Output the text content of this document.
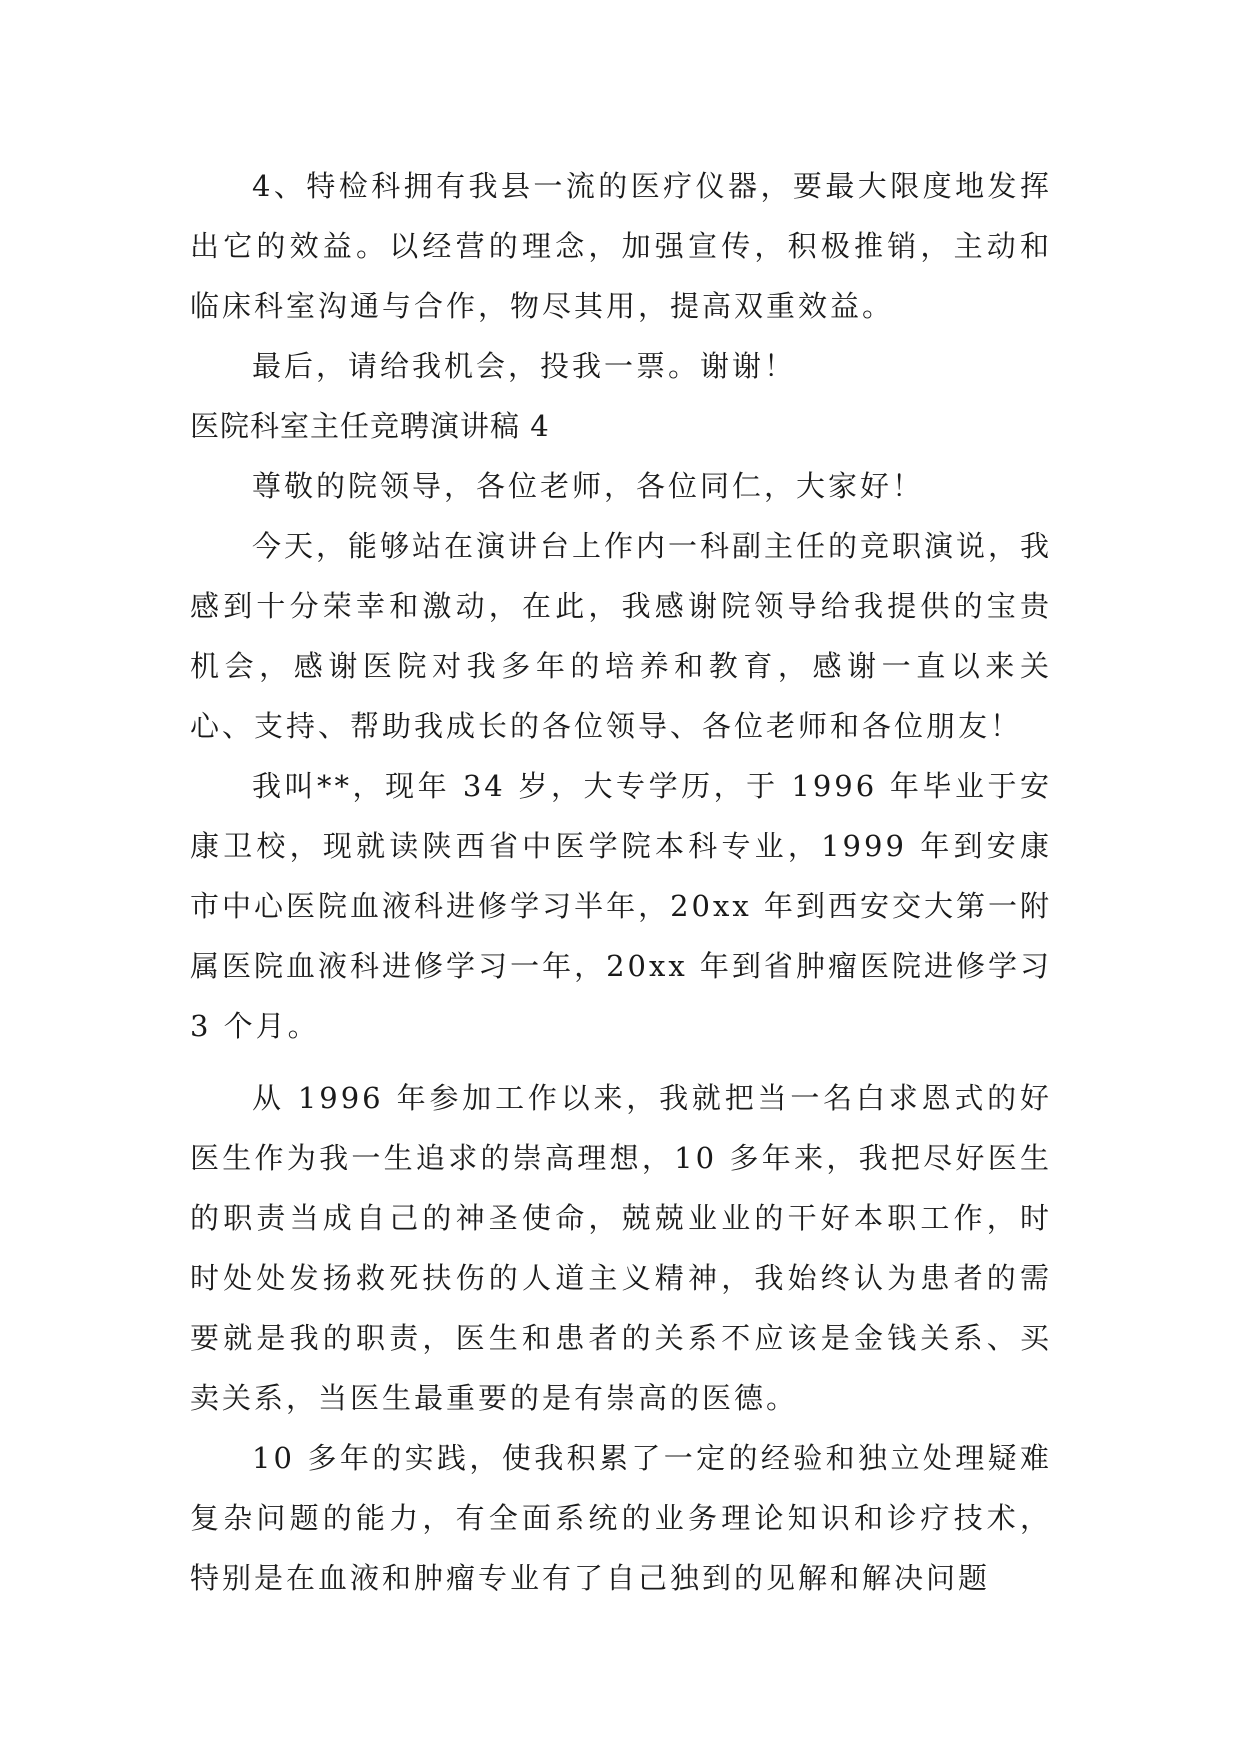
4、特检科拥有我县一流的医疗仪器，要最大限度地发挥出它的效益。以经营的理念，加强宣传，积极推销，主动和临床科室沟通与合作，物尽其用，提高双重效益。

最后，请给我机会，投我一票。谢谢！

医院科室主任竞聘演讲稿 4

尊敬的院领导，各位老师，各位同仁，大家好！

今天，能够站在演讲台上作内一科副主任的竞职演说，我感到十分荣幸和激动，在此，我感谢院领导给我提供的宝贵机会，感谢医院对我多年的培养和教育，感谢一直以来关心、支持、帮助我成长的各位领导、各位老师和各位朋友！

我叫**，现年 34 岁，大专学历，于 1996 年毕业于安康卫校，现就读陕西省中医学院本科专业，1999 年到安康市中心医院血液科进修学习半年，20xx 年到西安交大第一附属医院血液科进修学习一年，20xx 年到省肿瘤医院进修学习 3 个月。

从 1996 年参加工作以来，我就把当一名白求恩式的好医生作为我一生追求的崇高理想，10 多年来，我把尽好医生的职责当成自己的神圣使命，兢兢业业的干好本职工作，时时处处发扬救死扶伤的人道主义精神，我始终认为患者的需要就是我的职责，医生和患者的关系不应该是金钱关系、买卖关系，当医生最重要的是有崇高的医德。

10 多年的实践，使我积累了一定的经验和独立处理疑难复杂问题的能力，有全面系统的业务理论知识和诊疗技术，特别是在血液和肿瘤专业有了自己独到的见解和解决问题
